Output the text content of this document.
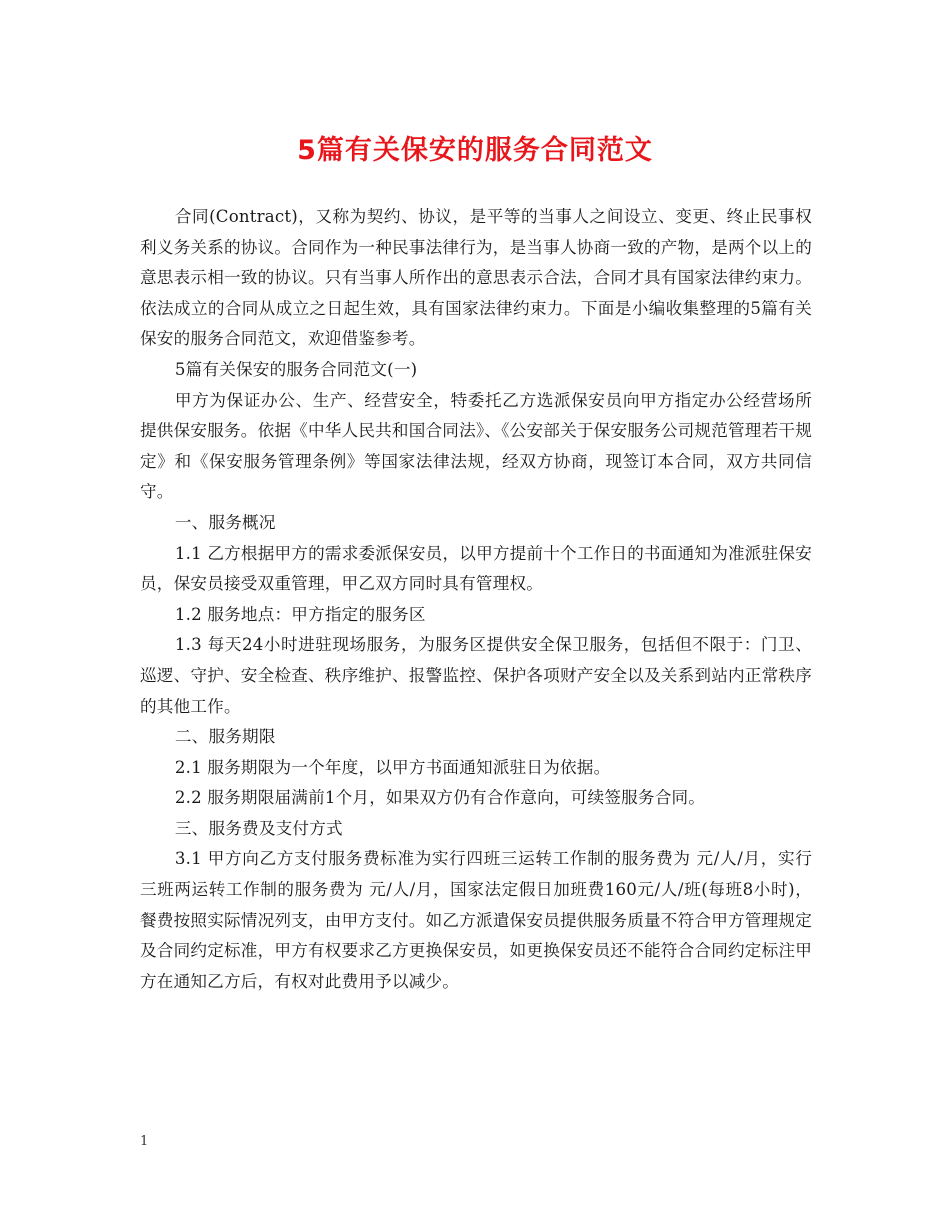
5篇有关保安的服务合同范文

合同(Contract)，又称为契约、协议，是平等的当事人之间设立、变更、终止民事权利义务关系的协议。合同作为一种民事法律行为，是当事人协商一致的产物，是两个以上的意思表示相一致的协议。只有当事人所作出的意思表示合法，合同才具有国家法律约束力。依法成立的合同从成立之日起生效，具有国家法律约束力。下面是小编收集整理的5篇有关保安的服务合同范文，欢迎借鉴参考。

5篇有关保安的服务合同范文(一)

甲方为保证办公、生产、经营安全，特委托乙方选派保安员向甲方指定办公经营场所提供保安服务。依据《中华人民共和国合同法》、《公安部关于保安服务公司规范管理若干规定》和《保安服务管理条例》等国家法律法规，经双方协商，现签订本合同，双方共同信守。

一、服务概况

1.1 乙方根据甲方的需求委派保安员，以甲方提前十个工作日的书面通知为准派驻保安员，保安员接受双重管理，甲乙双方同时具有管理权。

1.2 服务地点：甲方指定的服务区

1.3 每天24小时进驻现场服务，为服务区提供安全保卫服务，包括但不限于：门卫、巡逻、守护、安全检查、秩序维护、报警监控、保护各项财产安全以及关系到站内正常秩序的其他工作。

二、服务期限

2.1 服务期限为一个年度，以甲方书面通知派驻日为依据。

2.2 服务期限届满前1个月，如果双方仍有合作意向，可续签服务合同。

三、服务费及支付方式

3.1 甲方向乙方支付服务费标准为实行四班三运转工作制的服务费为 元/人/月，实行三班两运转工作制的服务费为 元/人/月，国家法定假日加班费160元/人/班(每班8小时)，餐费按照实际情况列支，由甲方支付。如乙方派遣保安员提供服务质量不符合甲方管理规定及合同约定标准，甲方有权要求乙方更换保安员，如更换保安员还不能符合合同约定标注甲方在通知乙方后，有权对此费用予以减少。

1
